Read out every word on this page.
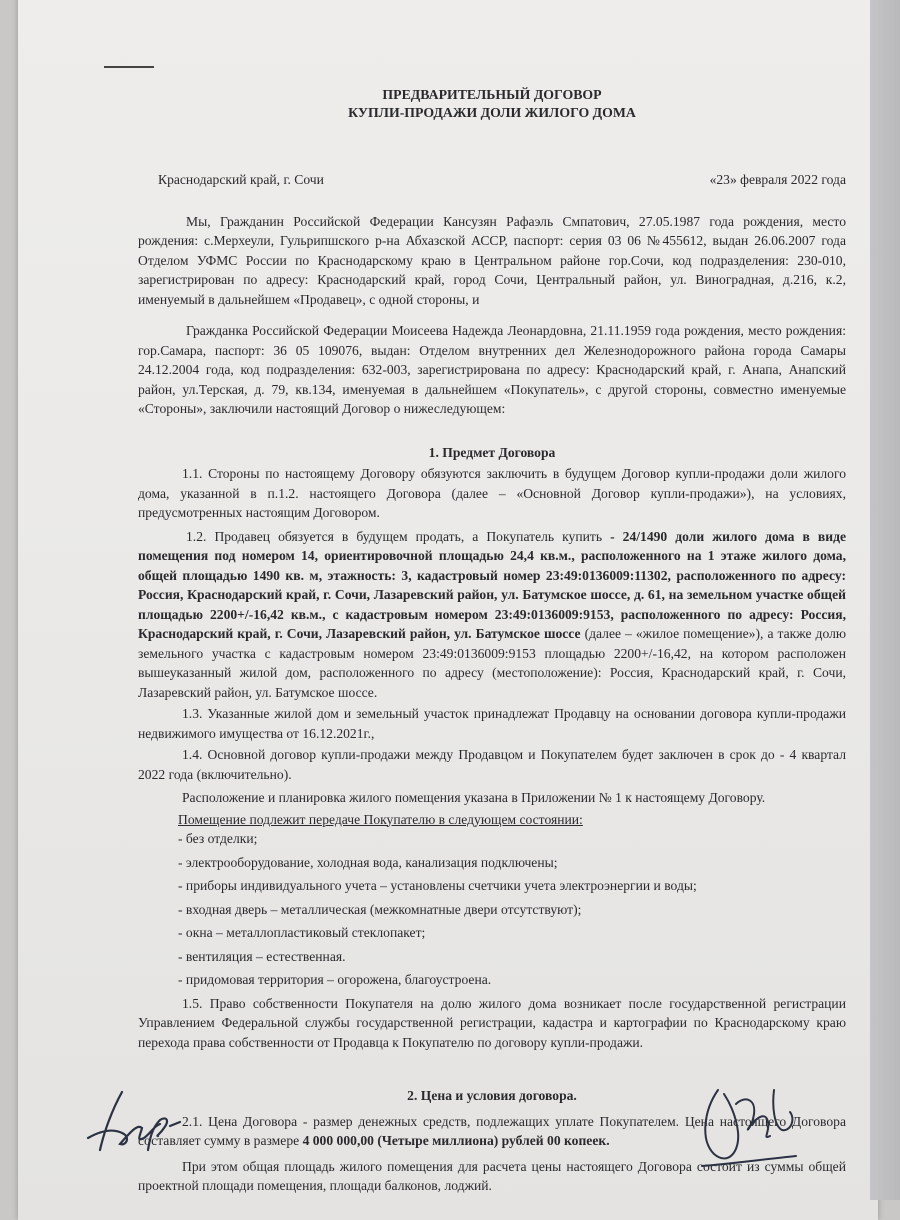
ПРЕДВАРИТЕЛЬНЫЙ ДОГОВОР
КУПЛИ-ПРОДАЖИ ДОЛИ ЖИЛОГО ДОМА
Краснодарский край, г. Сочи	«23» февраля 2022 года

Мы, Гражданин Российской Федерации Кансузян Рафаэль Смпатович, 27.05.1987 года рождения, место рождения: с.Мерхеули, Гульрипшского р-на Абхазской АССР, паспорт: серия 03 06 №455612, выдан 26.06.2007 года Отделом УФМС России по Краснодарскому краю в Центральном районе гор.Сочи, код подразделения: 230-010, зарегистрирован по адресу: Краснодарский край, город Сочи, Центральный район, ул. Виноградная, д.216, к.2, именуемый в дальнейшем «Продавец», с одной стороны, и

Гражданка Российской Федерации Моисеева Надежда Леонардовна, 21.11.1959 года рождения, место рождения: гор.Самара, паспорт: 36 05 109076, выдан: Отделом внутренних дел Железнодорожного района города Самары 24.12.2004 года, код подразделения: 632-003, зарегистрирована по адресу: Краснодарский край, г. Анапа, Анапский район, ул.Терская, д. 79, кв.134, именуемая в дальнейшем «Покупатель», с другой стороны, совместно именуемые «Стороны», заключили настоящий Договор о нижеследующем:

1. Предмет Договора

1.1. Стороны по настоящему Договору обязуются заключить в будущем Договор купли-продажи доли жилого дома, указанной в п.1.2. настоящего Договора (далее – «Основной Договор купли-продажи»), на условиях, предусмотренных настоящим Договором.

1.2. Продавец обязуется в будущем продать, а Покупатель купить - 24/1490 доли жилого дома в виде помещения под номером 14, ориентировочной площадью 24,4 кв.м., расположенного на 1 этаже жилого дома, общей площадью 1490 кв. м, этажность: 3, кадастровый номер 23:49:0136009:11302, расположенного по адресу: Россия, Краснодарский край, г. Сочи, Лазаревский район, ул. Батумское шоссе, д. 61, на земельном участке общей площадью 2200+/-16,42 кв.м., с кадастровым номером 23:49:0136009:9153, расположенного по адресу: Россия, Краснодарский край, г. Сочи, Лазаревский район, ул. Батумское шоссе (далее – «жилое помещение»), а также долю земельного участка с кадастровым номером 23:49:0136009:9153 площадью 2200+/-16,42, на котором расположен вышеуказанный жилой дом, расположенного по адресу (местоположение): Россия, Краснодарский край, г. Сочи, Лазаревский район, ул. Батумское шоссе.

1.3. Указанные жилой дом и земельный участок принадлежат Продавцу на основании договора купли-продажи недвижимого имущества от 16.12.2021г.,

1.4. Основной договор купли-продажи между Продавцом и Покупателем будет заключен в срок до - 4 квартал 2022 года (включительно).

Расположение и планировка жилого помещения указана в Приложении № 1 к настоящему Договору.

Помещение подлежит передаче Покупателю в следующем состоянии:

- без отделки;
- электрооборудование, холодная вода, канализация подключены;
- приборы индивидуального учета – установлены счетчики учета электроэнергии и воды;
- входная дверь – металлическая (межкомнатные двери отсутствуют);
- окна – металлопластиковый стеклопакет;
- вентиляция – естественная.
- придомовая территория – огорожена, благоустроена.

1.5. Право собственности Покупателя на долю жилого дома возникает после государственной регистрации Управлением Федеральной службы государственной регистрации, кадастра и картографии по Краснодарскому краю перехода права собственности от Продавца к Покупателю по договору купли-продажи.

2. Цена и условия договора.

2.1. Цена Договора - размер денежных средств, подлежащих уплате Покупателем. Цена настоящего Договора составляет сумму в размере 4 000 000,00 (Четыре миллиона) рублей 00 копеек.

При этом общая площадь жилого помещения для расчета цены настоящего Договора состоит из суммы общей проектной площади помещения, площади балконов, лоджий.
